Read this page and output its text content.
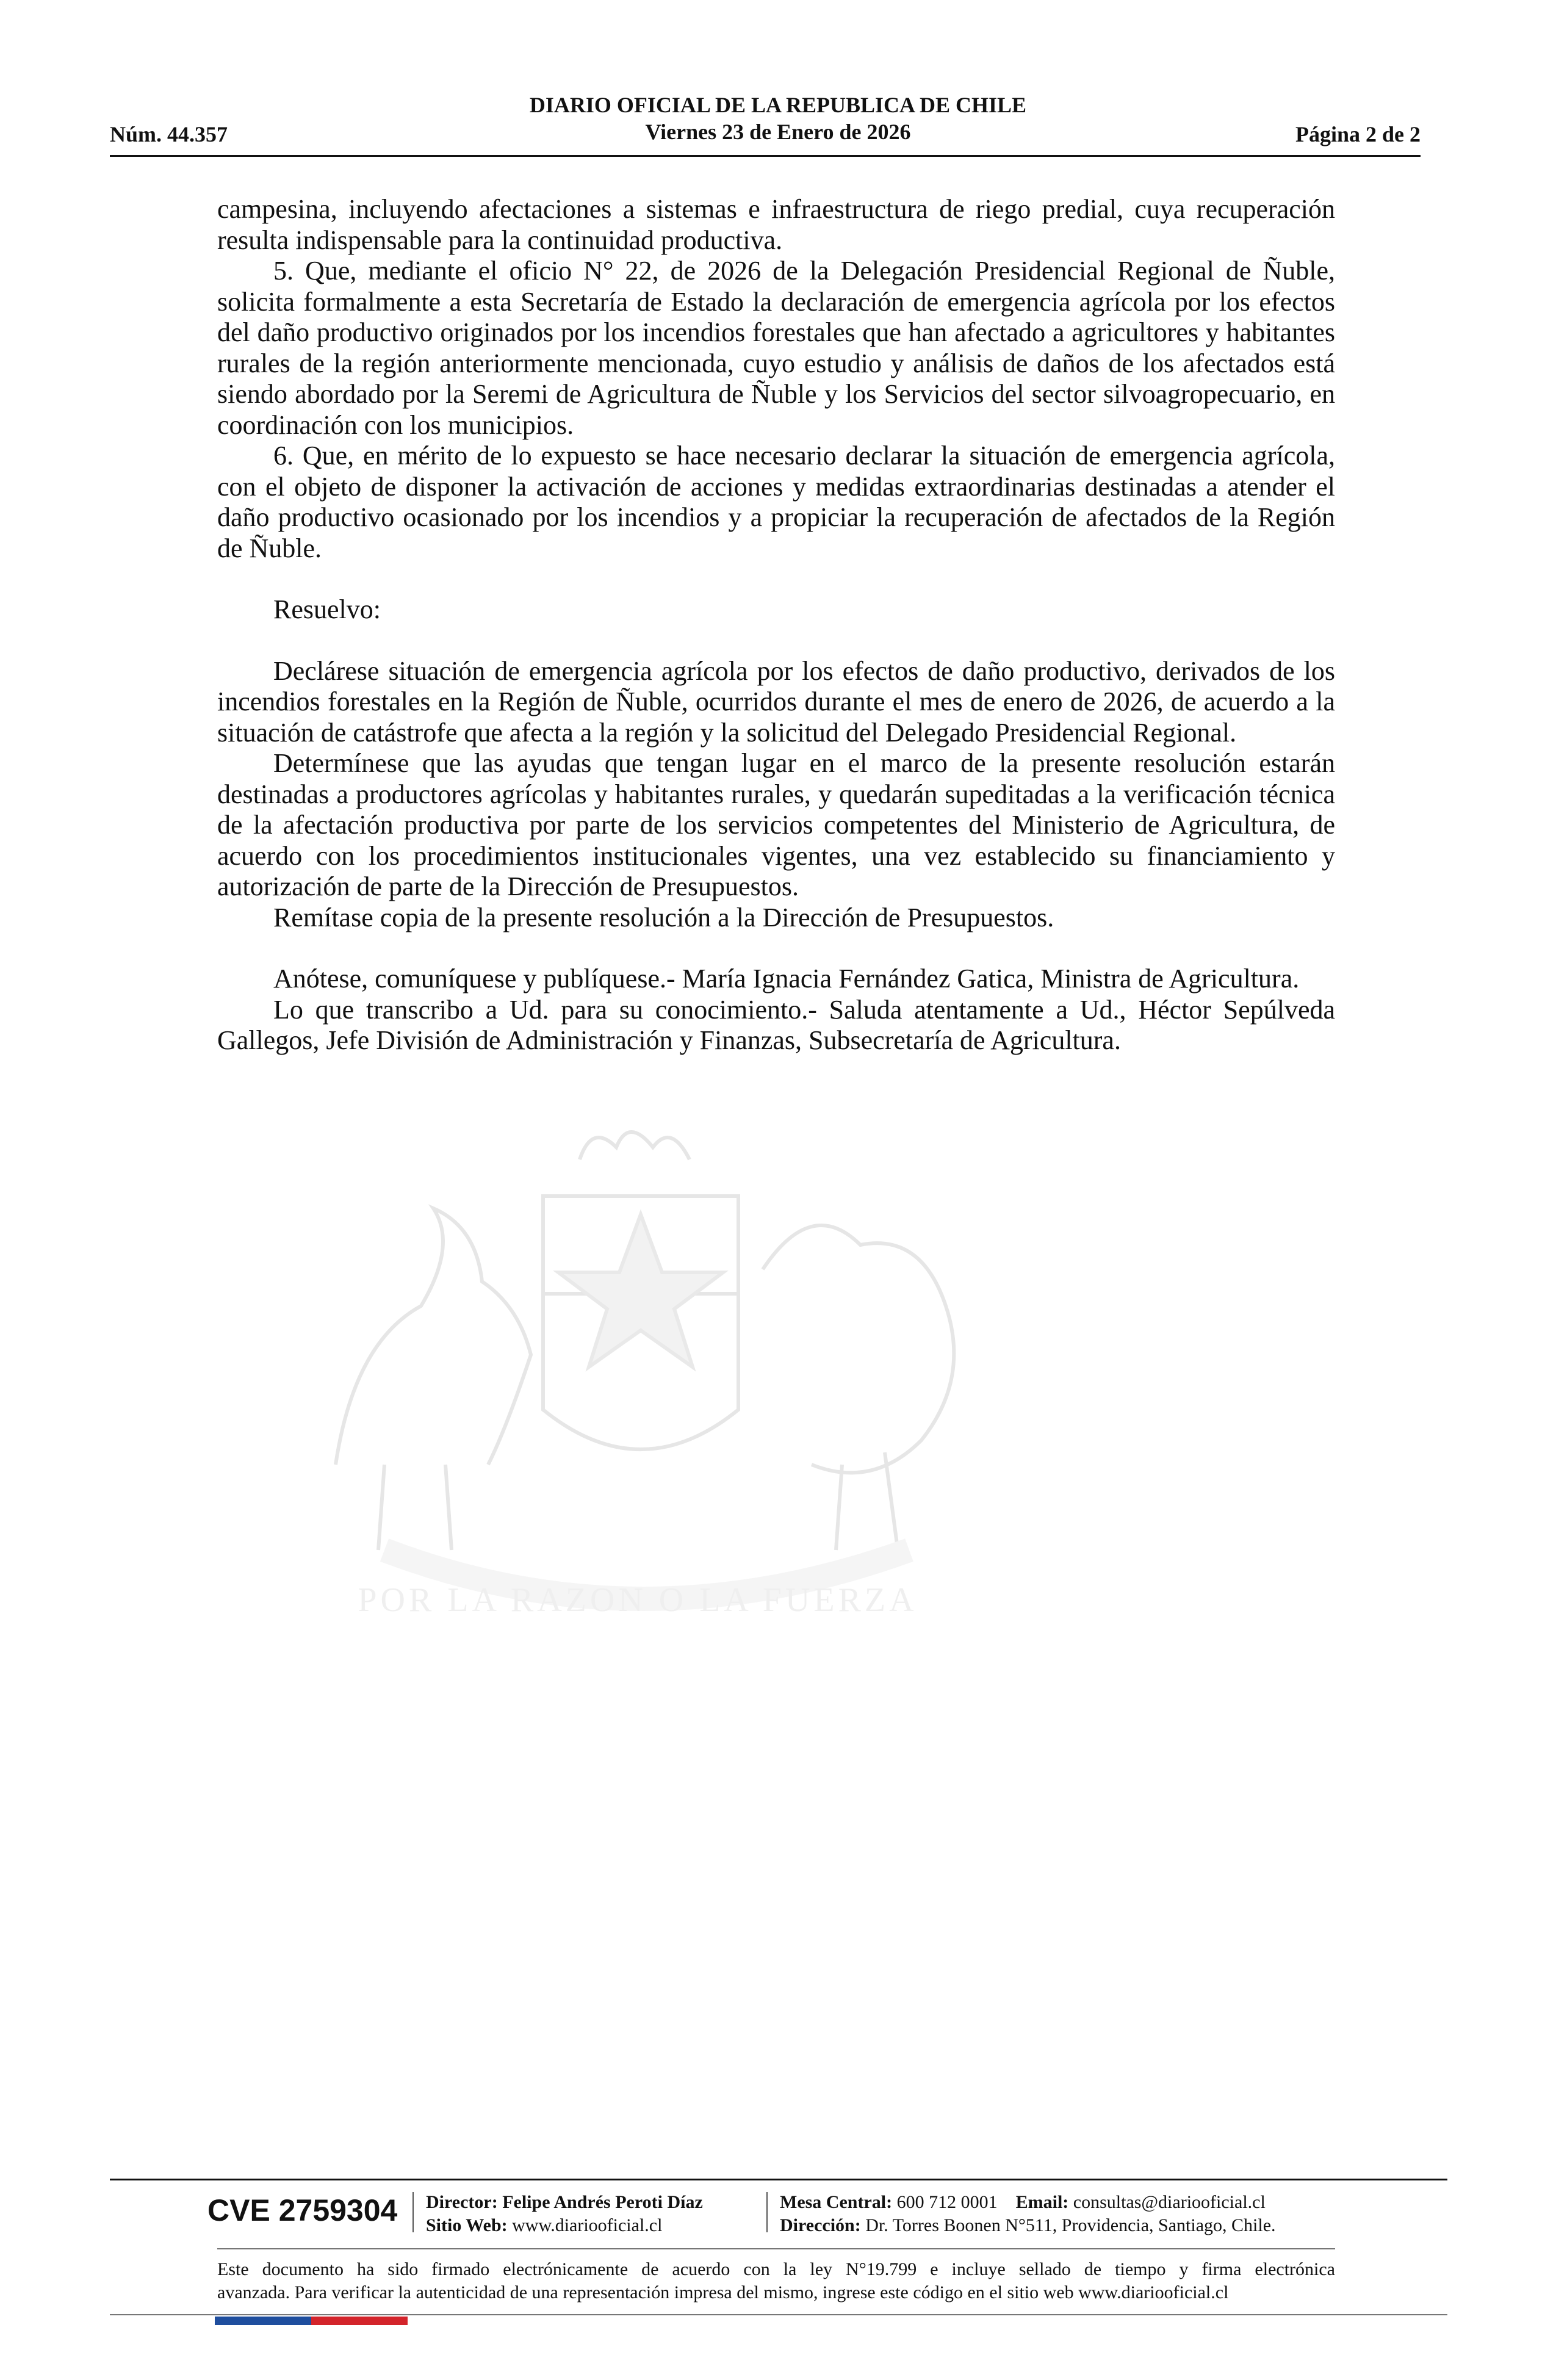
DIARIO OFICIAL DE LA REPUBLICA DE CHILE
Viernes 23 de Enero de 2026
Núm. 44.357	Página 2 de 2
POR LA RAZON O LA FUERZA

campesina, incluyendo afectaciones a sistemas e infraestructura de riego predial, cuya recuperación resulta indispensable para la continuidad productiva.

5. Que, mediante el oficio N° 22, de 2026 de la Delegación Presidencial Regional de Ñuble, solicita formalmente a esta Secretaría de Estado la declaración de emergencia agrícola por los efectos del daño productivo originados por los incendios forestales que han afectado a agricultores y habitantes rurales de la región anteriormente mencionada, cuyo estudio y análisis de daños de los afectados está siendo abordado por la Seremi de Agricultura de Ñuble y los Servicios del sector silvoagropecuario, en coordinación con los municipios.

6. Que, en mérito de lo expuesto se hace necesario declarar la situación de emergencia agrícola, con el objeto de disponer la activación de acciones y medidas extraordinarias destinadas a atender el daño productivo ocasionado por los incendios y a propiciar la recuperación de afectados de la Región de Ñuble.

Resuelvo:

Declárese situación de emergencia agrícola por los efectos de daño productivo, derivados de los incendios forestales en la Región de Ñuble, ocurridos durante el mes de enero de 2026, de acuerdo a la situación de catástrofe que afecta a la región y la solicitud del Delegado Presidencial Regional.

Determínese que las ayudas que tengan lugar en el marco de la presente resolución estarán destinadas a productores agrícolas y habitantes rurales, y quedarán supeditadas a la verificación técnica de la afectación productiva por parte de los servicios competentes del Ministerio de Agricultura, de acuerdo con los procedimientos institucionales vigentes, una vez establecido su financiamiento y autorización de parte de la Dirección de Presupuestos.

Remítase copia de la presente resolución a la Dirección de Presupuestos.

Anótese, comuníquese y publíquese.- María Ignacia Fernández Gatica, Ministra de Agricultura.

Lo que transcribo a Ud. para su conocimiento.- Saluda atentamente a Ud., Héctor Sepúlveda Gallegos, Jefe División de Administración y Finanzas, Subsecretaría de Agricultura.

CVE 2759304 Director: Felipe Andrés Peroti Díaz
Sitio Web: www.diariooficial.cl
Mesa Central: 600 712 0001 Email: consultas@diariooficial.cl
Dirección: Dr. Torres Boonen N°511, Providencia, Santiago, Chile.
Este documento ha sido firmado electrónicamente de acuerdo con la ley N°19.799 e incluye sellado de tiempo y firma electrónica
avanzada. Para verificar la autenticidad de una representación impresa del mismo, ingrese este código en el sitio web www.diariooficial.cl
